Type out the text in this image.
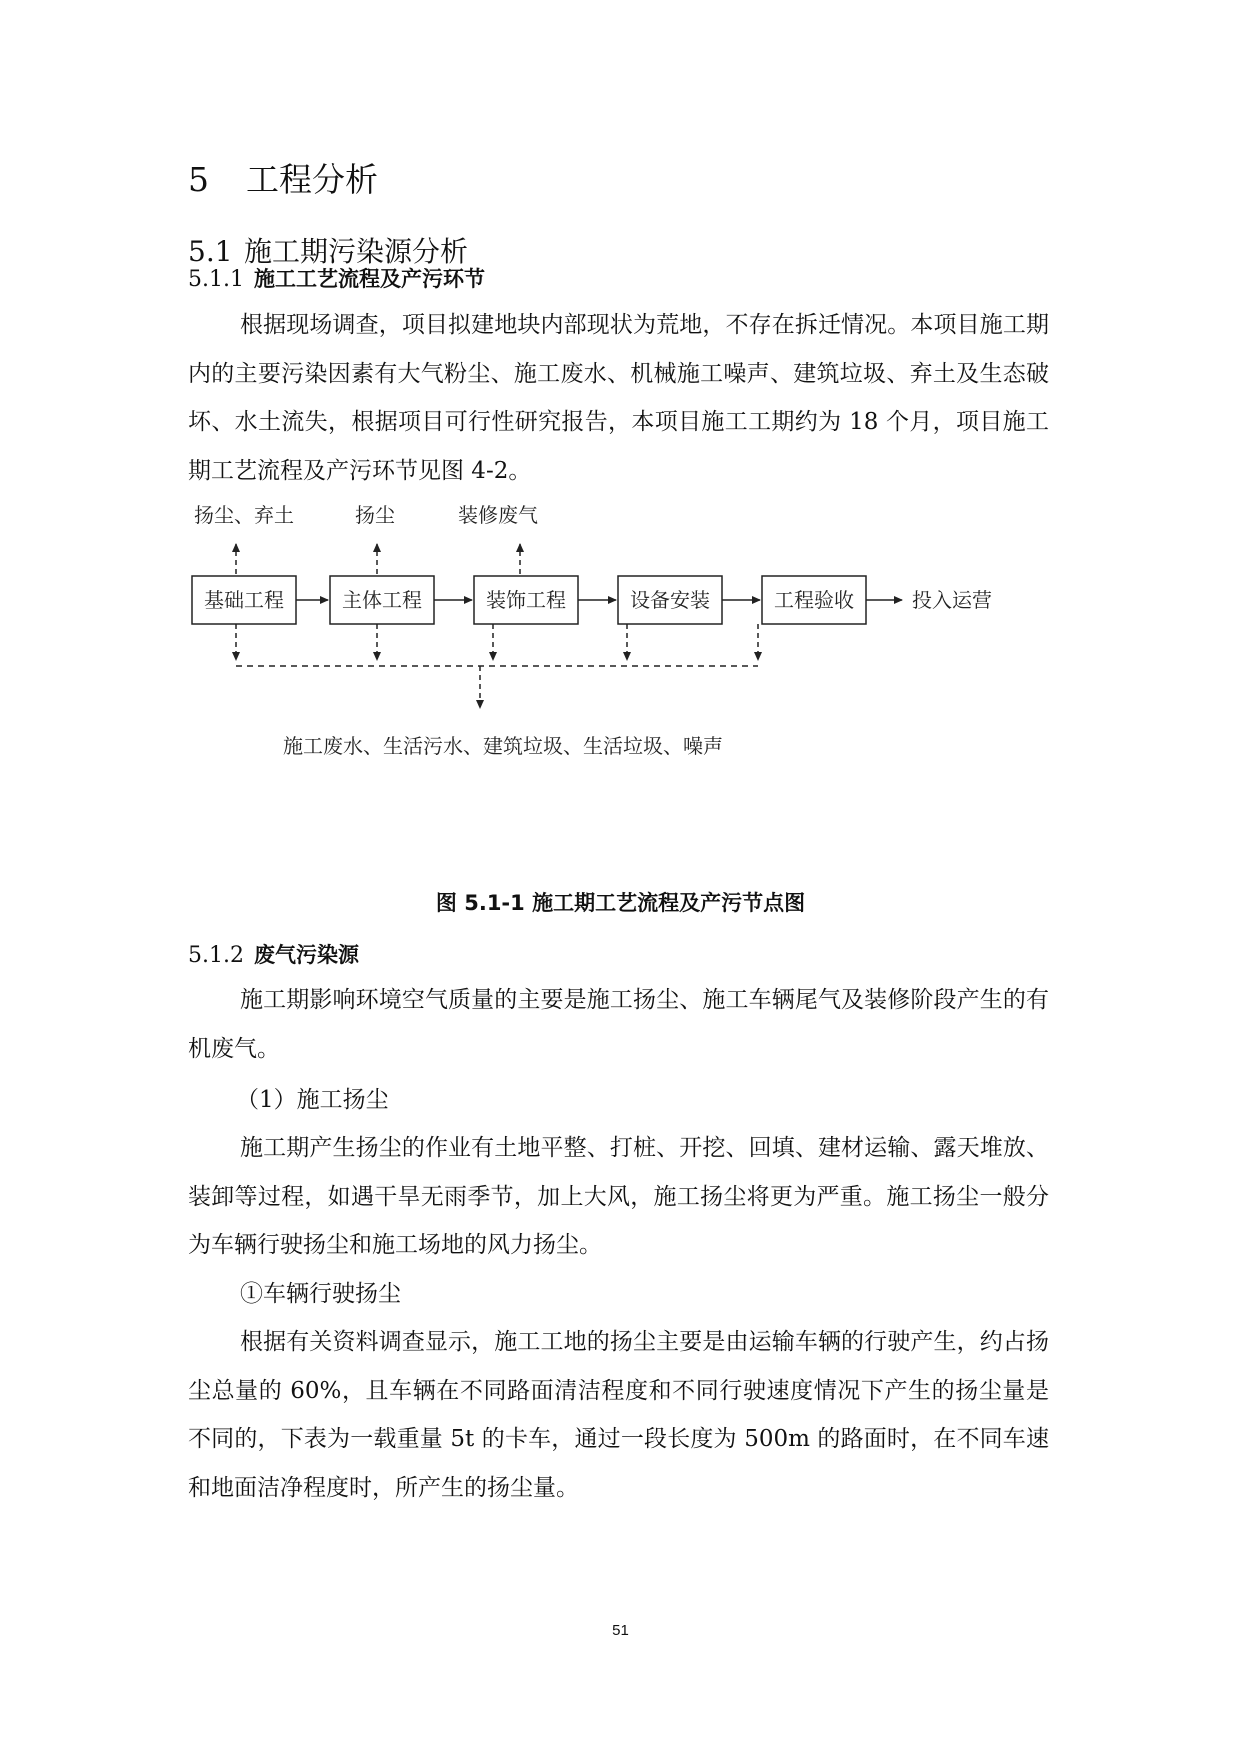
5 工程分析
5.1 施工期污染源分析
5.1.1 施工工艺流程及产污环节

根据现场调查，项目拟建地块内部现状为荒地，不存在拆迁情况。本项目施工期内的主要污染因素有大气粉尘、施工废水、机械施工噪声、建筑垃圾、弃土及生态破坏、水土流失，根据项目可行性研究报告，本项目施工工期约为 18 个月，项目施工期工艺流程及产污环节见图 4-2。

基础工程	主体工程	装饰工程	设备安装	工程验收	投入运营
施工废水、生活污水、建筑垃圾、生活垃圾、噪声
扬尘、弃土	扬尘	装修废气
图 5.1-1 施工期工艺流程及产污节点图
5.1.2 废气污染源

施工期影响环境空气质量的主要是施工扬尘、施工车辆尾气及装修阶段产生的有机废气。

（1）施工扬尘

施工期产生扬尘的作业有土地平整、打桩、开挖、回填、建材运输、露天堆放、装卸等过程，如遇干旱无雨季节，加上大风，施工扬尘将更为严重。施工扬尘一般分为车辆行驶扬尘和施工场地的风力扬尘。

①车辆行驶扬尘

根据有关资料调查显示，施工工地的扬尘主要是由运输车辆的行驶产生，约占扬尘总量的 60%，且车辆在不同路面清洁程度和不同行驶速度情况下产生的扬尘量是不同的，下表为一载重量 5t 的卡车，通过一段长度为 500m 的路面时，在不同车速和地面洁净程度时，所产生的扬尘量。

51
